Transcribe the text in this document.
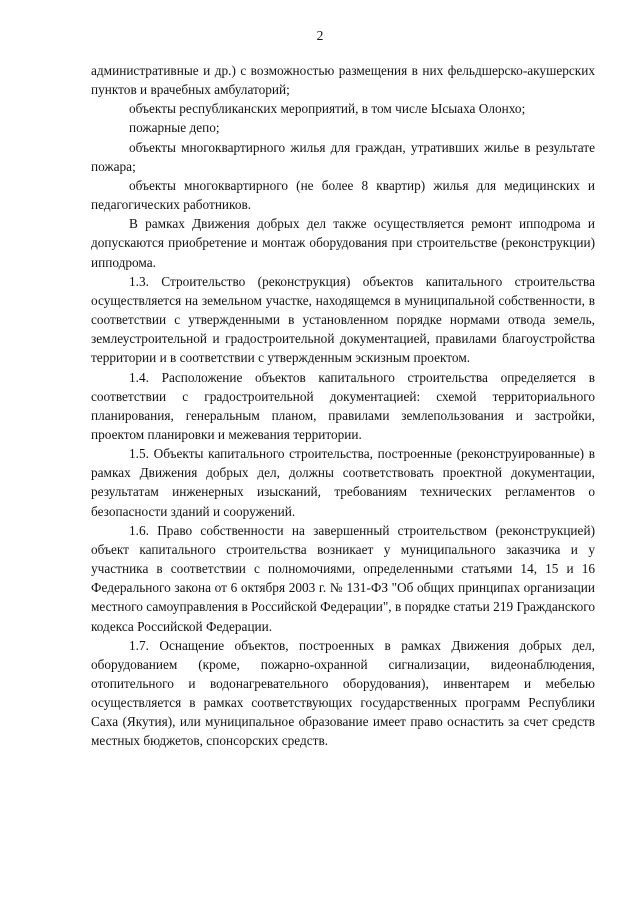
2

административные и др.) с возможностью размещения в них фельдшерско-акушерских пунктов и врачебных амбулаторий;

объекты республиканских мероприятий, в том числе Ысыаха Олонхо;

пожарные депо;

объекты многоквартирного жилья для граждан, утративших жилье в результате пожара;

объекты многоквартирного (не более 8 квартир) жилья для медицинских и педагогических работников.

В рамках Движения добрых дел также осуществляется ремонт ипподрома и допускаются приобретение и монтаж оборудования при строительстве (реконструкции) ипподрома.

1.3. Строительство (реконструкция) объектов капитального строительства осуществляется на земельном участке, находящемся в муниципальной собственности, в соответствии с утвержденными в установленном порядке нормами отвода земель, землеустроительной и градостроительной документацией, правилами благоустройства территории и в соответствии с утвержденным эскизным проектом.

1.4. Расположение объектов капитального строительства определяется в соответствии с градостроительной документацией: схемой территориального планирования, генеральным планом, правилами землепользования и застройки, проектом планировки и межевания территории.

1.5. Объекты капитального строительства, построенные (реконструированные) в рамках Движения добрых дел, должны соответствовать проектной документации, результатам инженерных изысканий, требованиям технических регламентов о безопасности зданий и сооружений.

1.6. Право собственности на завершенный строительством (реконструкцией) объект капитального строительства возникает у муниципального заказчика и у участника в соответствии с полномочиями, определенными статьями 14, 15 и 16 Федерального закона от 6 октября 2003 г. № 131-ФЗ "Об общих принципах организации местного самоуправления в Российской Федерации", в порядке статьи 219 Гражданского кодекса Российской Федерации.

1.7. Оснащение объектов, построенных в рамках Движения добрых дел, оборудованием (кроме, пожарно-охранной сигнализации, видеонаблюдения, отопительного и водонагревательного оборудования), инвентарем и мебелью осуществляется в рамках соответствующих государственных программ Республики Саха (Якутия), или муниципальное образование имеет право оснастить за счет средств местных бюджетов, спонсорских средств.
